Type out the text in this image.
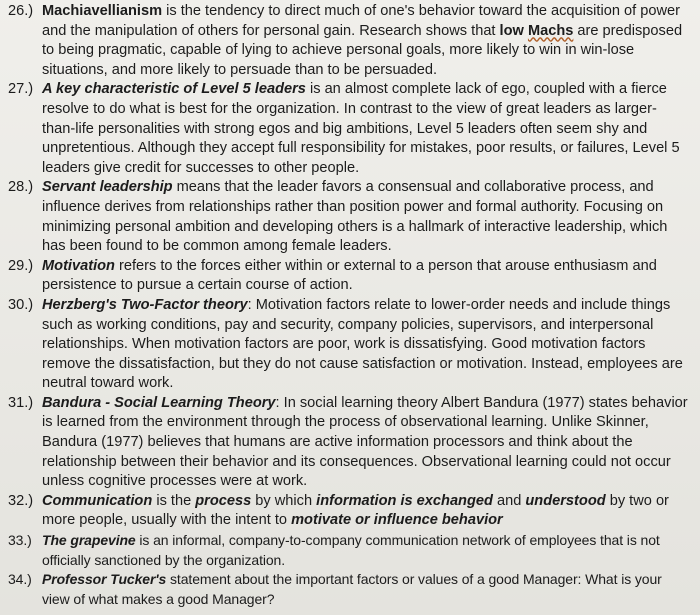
26.) Machiavellianism is the tendency to direct much of one's behavior toward the acquisition of power and the manipulation of others for personal gain. Research shows that low Machs are predisposed to being pragmatic, capable of lying to achieve personal goals, more likely to win in win-lose situations, and more likely to persuade than to be persuaded.

27.) A key characteristic of Level 5 leaders is an almost complete lack of ego, coupled with a fierce resolve to do what is best for the organization. In contrast to the view of great leaders as larger-than-life personalities with strong egos and big ambitions, Level 5 leaders often seem shy and unpretentious. Although they accept full responsibility for mistakes, poor results, or failures, Level 5 leaders give credit for successes to other people.

28.) Servant leadership means that the leader favors a consensual and collaborative process, and influence derives from relationships rather than position power and formal authority. Focusing on minimizing personal ambition and developing others is a hallmark of interactive leadership, which has been found to be common among female leaders.

29.) Motivation refers to the forces either within or external to a person that arouse enthusiasm and persistence to pursue a certain course of action.

30.) Herzberg's Two-Factor theory: Motivation factors relate to lower-order needs and include things such as working conditions, pay and security, company policies, supervisors, and interpersonal relationships. When motivation factors are poor, work is dissatisfying. Good motivation factors remove the dissatisfaction, but they do not cause satisfaction or motivation. Instead, employees are neutral toward work.

31.) Bandura - Social Learning Theory: In social learning theory Albert Bandura (1977) states behavior is learned from the environment through the process of observational learning. Unlike Skinner, Bandura (1977) believes that humans are active information processors and think about the relationship between their behavior and its consequences. Observational learning could not occur unless cognitive processes were at work.

32.) Communication is the process by which information is exchanged and understood by two or more people, usually with the intent to motivate or influence behavior

33.) The grapevine is an informal, company-to-company communication network of employees that is not officially sanctioned by the organization.

34.) Professor Tucker's statement about the important factors or values of a good Manager: What is your view of what makes a good Manager?
